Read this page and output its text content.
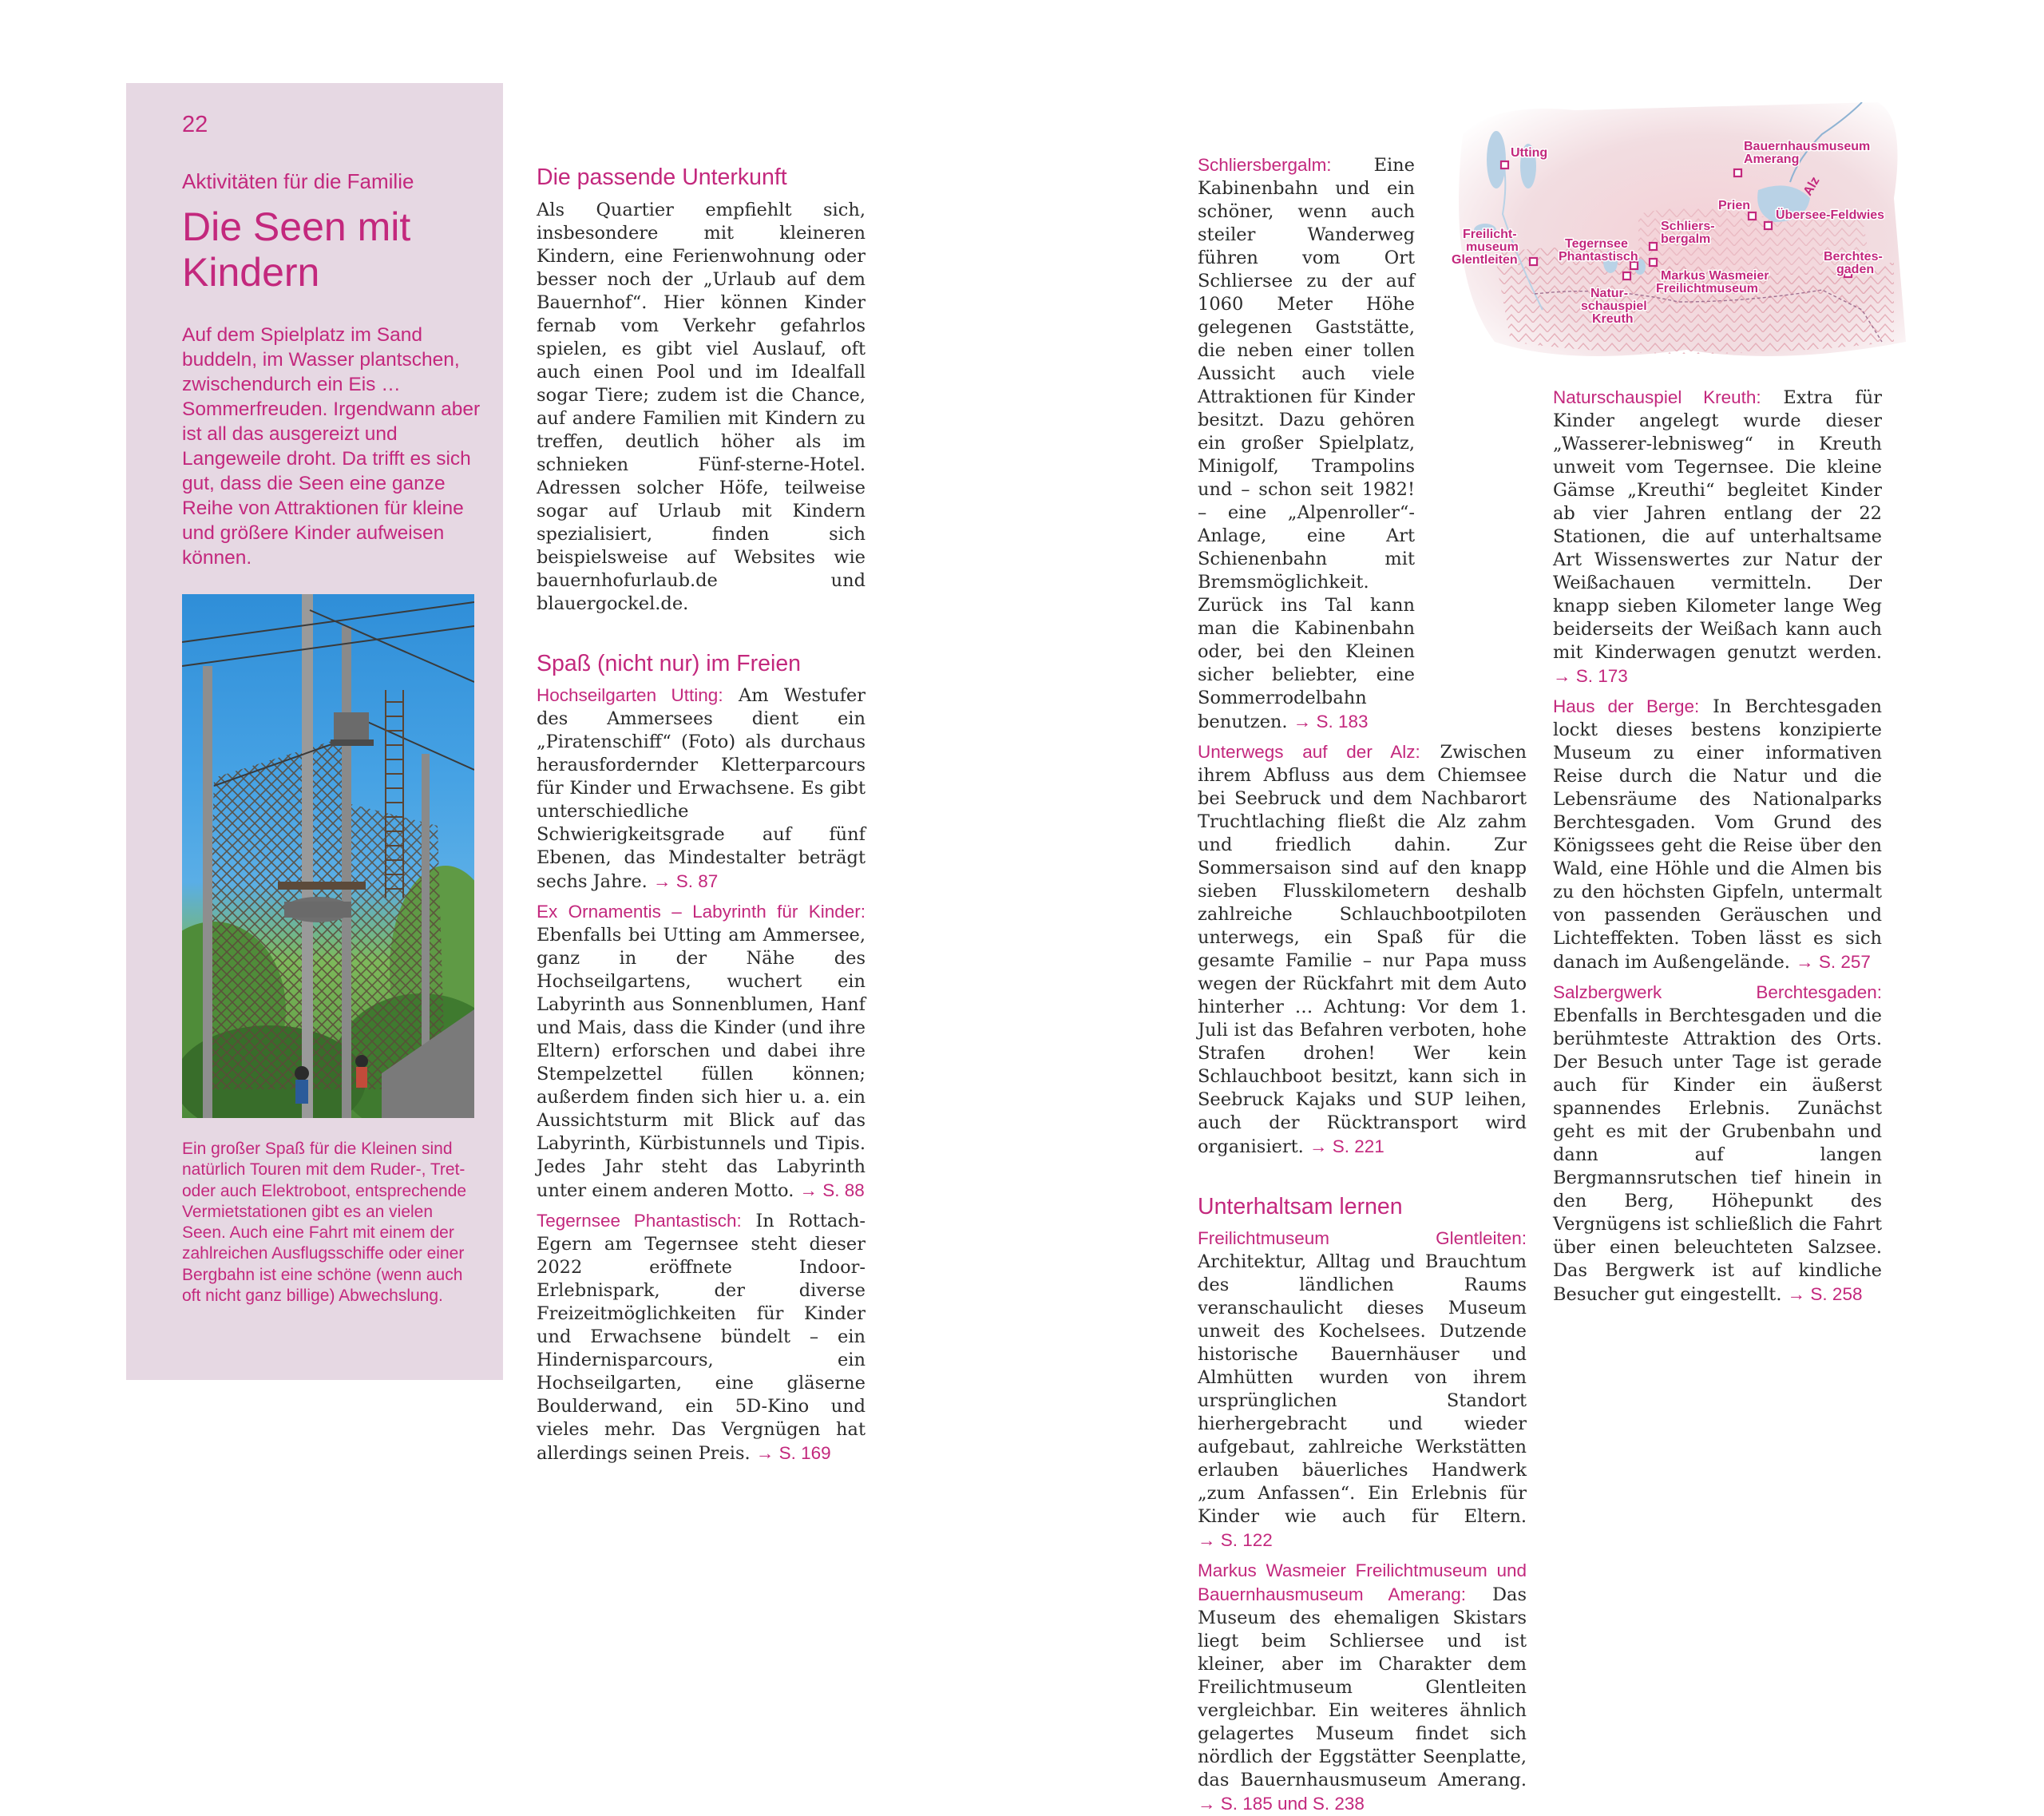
22
Aktivitäten für die Familie
Die Seen mit Kindern

Auf dem Spielplatz im Sand buddeln, im Wasser plantschen, zwischendurch ein Eis … Sommerfreuden. Irgendwann aber ist all das ausgereizt und Langeweile droht. Da trifft es sich gut, dass die Seen eine ganze Reihe von Attraktionen für kleine und größere Kinder aufweisen können.

Ein großer Spaß für die Kleinen sind natürlich Touren mit dem Ruder-, Tret- oder auch Elektroboot, entsprechende Vermietstationen gibt es an vielen Seen. Auch eine Fahrt mit einem der zahlreichen Ausflugsschiffe oder einer Bergbahn ist eine schöne (wenn auch oft nicht ganz billige) Abwechslung.

Die passende Unterkunft

Als Quartier empfiehlt sich, insbesondere mit kleineren Kindern, eine Ferienwohnung oder besser noch der „Urlaub auf dem Bauernhof“. Hier können Kinder fernab vom Verkehr gefahrlos spielen, es gibt viel Auslauf, oft auch einen Pool und im Idealfall sogar Tiere; zudem ist die Chance, auf andere Familien mit Kindern zu treffen, deutlich höher als im schnieken Fünf-sterne-Hotel. Adressen solcher Höfe, teilweise sogar auf Urlaub mit Kindern spezialisiert, finden sich beispielsweise auf Websites wie bauernhofurlaub.de und blauergockel.de.

Spaß (nicht nur) im Freien

Hochseilgarten Utting: Am Westufer des Ammersees dient ein „Piratenschiff“ (Foto) als durchaus herausfordernder Kletterparcours für Kinder und Erwachsene. Es gibt unterschiedliche Schwierigkeitsgrade auf fünf Ebenen, das Mindestalter beträgt sechs Jahre. → S. 87

Ex Ornamentis – Labyrinth für Kinder: Ebenfalls bei Utting am Ammersee, ganz in der Nähe des Hochseilgartens, wuchert ein Labyrinth aus Sonnenblumen, Hanf und Mais, dass die Kinder (und ihre Eltern) erforschen und dabei ihre Stempelzettel füllen können; außerdem finden sich hier u. a. ein Aussichtsturm mit Blick auf das Labyrinth, Kürbistunnels und Tipis. Jedes Jahr steht das Labyrinth unter einem anderen Motto. → S. 88

Tegernsee Phantastisch: In Rottach-Egern am Tegernsee steht dieser 2022 eröffnete Indoor-Erlebnispark, der diverse Freizeitmöglichkeiten für Kinder und Erwachsene bündelt – ein Hindernisparcours, ein Hochseilgarten, eine gläserne Boulderwand, ein 5D-Kino und vieles mehr. Das Vergnügen hat allerdings seinen Preis. → S. 169

Utting	Bauernhausmuseum
Amerang
Alz
Prien
Übersee-Feldwies
Schliers-
bergalm
Freilicht-
museum
Glentleiten
Tegernsee
Phantastisch	Berchtes-
gaden
Markus Wasmeier
Freilichtmuseum
Natur-
schauspiel
Kreuth

Schliersbergalm: Eine Kabinenbahn und ein schöner, wenn auch steiler Wanderweg führen vom Ort Schliersee zu der auf 1060 Meter Höhe gelegenen Gaststätte, die neben einer tollen Aussicht auch viele Attraktionen für Kinder besitzt. Dazu gehören ein großer Spielplatz, Minigolf, Trampolins und – schon seit 1982! – eine „Alpenroller“-Anlage, eine Art Schienenbahn mit Bremsmöglichkeit. Zurück ins Tal kann man die Kabinenbahn oder, bei den Kleinen sicher beliebter, eine Sommerrodelbahn benutzen. → S. 183

Unterwegs auf der Alz: Zwischen ihrem Abfluss aus dem Chiemsee bei Seebruck und dem Nachbarort Truchtlaching fließt die Alz zahm und friedlich dahin. Zur Sommersaison sind auf den knapp sieben Flusskilometern deshalb zahlreiche Schlauchbootpiloten unterwegs, ein Spaß für die gesamte Familie – nur Papa muss wegen der Rückfahrt mit dem Auto hinterher … Achtung: Vor dem 1. Juli ist das Befahren verboten, hohe Strafen drohen! Wer kein Schlauchboot besitzt, kann sich in Seebruck Kajaks und SUP leihen, auch der Rücktransport wird organisiert. → S. 221

Unterhaltsam lernen

Freilichtmuseum Glentleiten: Architektur, Alltag und Brauchtum des ländlichen Raums veranschaulicht dieses Museum unweit des Kochelsees. Dutzende historische Bauernhäuser und Almhütten wurden von ihrem ursprünglichen Standort hierhergebracht und wieder aufgebaut, zahlreiche Werkstätten erlauben bäuerliches Handwerk „zum Anfassen“. Ein Erlebnis für Kinder wie auch für Eltern. → S. 122

Markus Wasmeier Freilichtmuseum und Bauernhausmuseum Amerang: Das Museum des ehemaligen Skistars liegt beim Schliersee und ist kleiner, aber im Charakter dem Freilichtmuseum Glentleiten vergleichbar. Ein weiteres ähnlich gelagertes Museum findet sich nördlich der Eggstätter Seenplatte, das Bauernhausmuseum Amerang. → S. 185 und S. 238

Naturschauspiel Kreuth: Extra für Kinder angelegt wurde dieser „Wasserer-lebnisweg“ in Kreuth unweit vom Tegernsee. Die kleine Gämse „Kreuthi“ begleitet Kinder ab vier Jahren entlang der 22 Stationen, die auf unterhaltsame Art Wissenswertes zur Natur der Weißachauen vermitteln. Der knapp sieben Kilometer lange Weg beiderseits der Weißach kann auch mit Kinderwagen genutzt werden. → S. 173

Haus der Berge: In Berchtesgaden lockt dieses bestens konzipierte Museum zu einer informativen Reise durch die Natur und die Lebensräume des Nationalparks Berchtesgaden. Vom Grund des Königssees geht die Reise über den Wald, eine Höhle und die Almen bis zu den höchsten Gipfeln, untermalt von passenden Geräuschen und Lichteffekten. Toben lässt es sich danach im Außengelände. → S. 257

Salzbergwerk Berchtesgaden: Ebenfalls in Berchtesgaden und die berühmteste Attraktion des Orts. Der Besuch unter Tage ist gerade auch für Kinder ein äußerst spannendes Erlebnis. Zunächst geht es mit der Grubenbahn und dann auf langen Bergmannsrutschen tief hinein in den Berg, Höhepunkt des Vergnügens ist schließlich die Fahrt über einen beleuchteten Salzsee. Das Bergwerk ist auf kindliche Besucher gut eingestellt. → S. 258
